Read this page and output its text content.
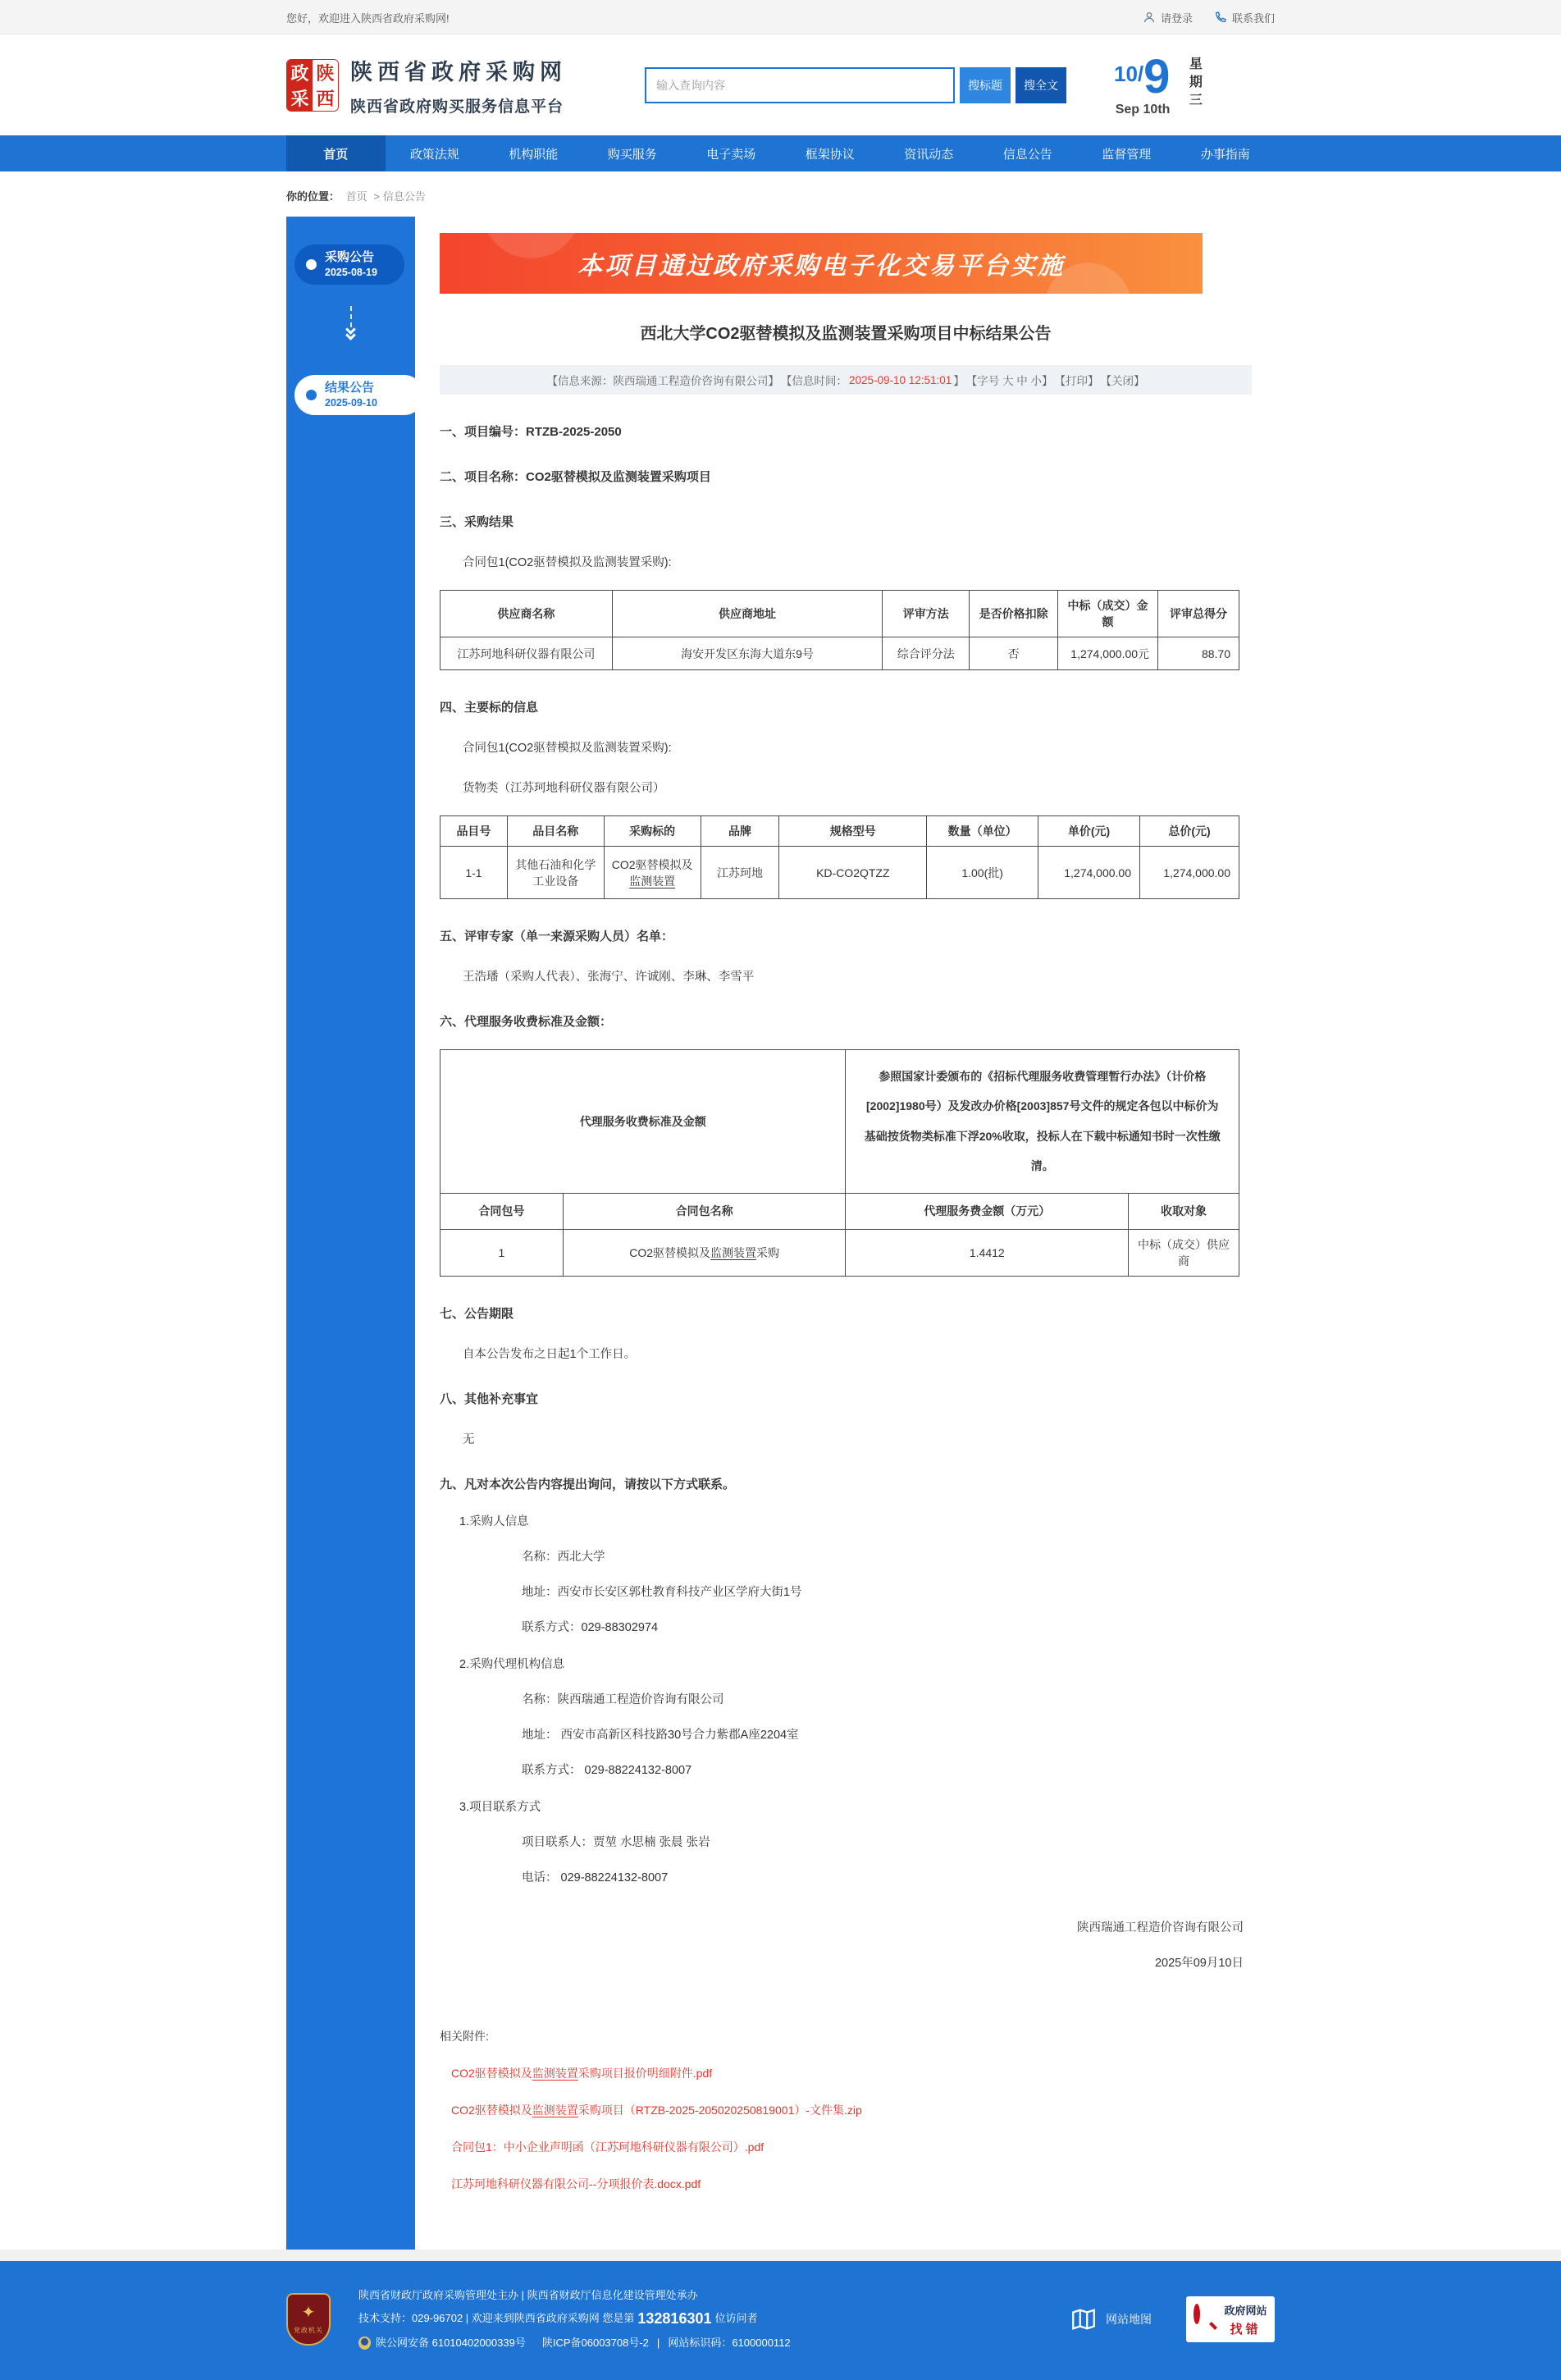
您好，欢迎进入陕西省政府采购网!	请登录	联系我们
政 陕
采 西
陕西省政府采购网
陕西省政府购买服务信息平台
输入查询内容
搜标题	搜全文	10/9
Sep 10th 星期三
首页	政策法规	机构职能	购买服务	电子卖场	框架协议	资讯动态	信息公告	监督管理	办事指南
你的位置： 首页 > 信息公告
采购公告
2025-08-19
结果公告
2025-09-10
本项目通过政府采购电子化交易平台实施
西北大学CO2驱替模拟及监测装置采购项目中标结果公告
【信息来源：陕西瑞通工程造价咨询有限公司】 【信息时间： 2025-09-10 12:51:01 】 【字号 大 中 小】 【打印】 【关闭】
一、项目编号：RTZB-2025-2050
二、项目名称：CO2驱替模拟及监测装置采购项目
三、采购结果

合同包1(CO2驱替模拟及监测装置采购):

供应商名称	供应商地址	评审方法	是否价格扣除	中标（成交）金额	评审总得分
江苏珂地科研仪器有限公司	海安开发区东海大道东9号	综合评分法	否	1,274,000.00元	88.70
四、主要标的信息

合同包1(CO2驱替模拟及监测装置采购):

货物类（江苏珂地科研仪器有限公司）

品目号	品目名称	采购标的	品牌	规格型号	数量（单位）	单价(元)	总价(元)
1-1	其他石油和化学工业设备	CO2驱替模拟及监测装置	江苏珂地	KD-CO2QTZZ	1.00(批)	1,274,000.00	1,274,000.00
五、评审专家（单一来源采购人员）名单：

王浩璠（采购人代表）、张海宁、许诚刚、李琳、李雪平

六、代理服务收费标准及金额：
代理服务收费标准及金额		参照国家计委颁布的《招标代理服务收费管理暂行办法》（计价格[2002]1980号）及发改办价格[2003]857号文件的规定各包以中标价为基础按货物类标准下浮20%收取，投标人在下载中标通知书时一次性缴清。	
合同包号	合同包名称	代理服务费金额（万元）	收取对象
1	CO2驱替模拟及监测装置采购	1.4412	中标（成交）供应商
七、公告期限

自本公告发布之日起1个工作日。

八、其他补充事宜

无

九、凡对本次公告内容提出询问，请按以下方式联系。
1.采购人信息
名称：西北大学
地址：西安市长安区郭杜教育科技产业区学府大街1号
联系方式：029-88302974
2.采购代理机构信息
名称：陕西瑞通工程造价咨询有限公司
地址： 西安市高新区科技路30号合力紫郡A座2204室
联系方式： 029-88224132-8007
3.项目联系方式
项目联系人：贾堃 水思楠 张晨 张岩
电话： 029-88224132-8007
陕西瑞通工程造价咨询有限公司
2025年09月10日
相关附件:
CO2驱替模拟及监测装置采购项目报价明细附件.pdf
CO2驱替模拟及监测装置采购项目（RTZB-2025-205020250819001）-文件集.zip
合同包1：中小企业声明函（江苏珂地科研仪器有限公司）.pdf
江苏珂地科研仪器有限公司--分项报价表.docx.pdf
✦
党政机关
陕西省财政厅政府采购管理处主办 | 陕西省财政厅信息化建设管理处承办
技术支持：029-96702 | 欢迎来到陕西省政府采购网 您是第 132816301 位访问者
陕公网安备 61010402000339号 陕ICP备06003708号-2 | 网站标识码：6100000112
网站地图
政府网站
找错
